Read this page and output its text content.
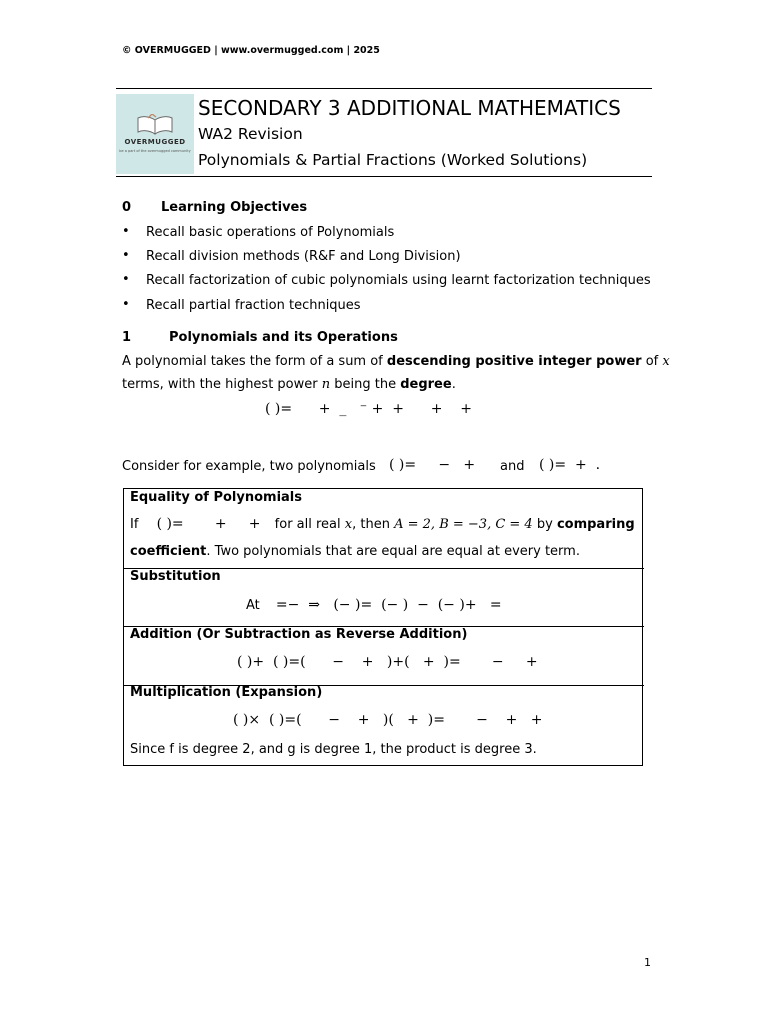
© OVERMUGGED | www.overmugged.com | 2025
OVERMUGGED
be a part of the overmugged community
SECONDARY 3 ADDITIONAL MATHEMATICS
WA2 Revision
Polynomials & Partial Fractions (Worked Solutions)
0 Learning Objectives
• Recall basic operations of Polynomials
• Recall division methods (R&F and Long Division)
• Recall factorization of cubic polynomials using learnt factorization techniques
• Recall partial fraction techniques
1	Polynomials and its Operations
A polynomial takes the form of a sum of descending positive integer power of x
terms, with the highest power n being the degree.
( )=      +  _   ⁻ +  +      +    +
Consider for example, two polynomials ( )=     −   + and ( )=  +  .
Equality of Polynomials
If ( )=       +     + for all real x, then A = 2, B = −3, C = 4 by comparing
coefficient. Two polynomials that are equal are equal at every term.
Substitution
At =−  ⇒   (− )=  (− )  −  (− )+   =
Addition (Or Subtraction as Reverse Addition)
( )+  ( )=(      −    +   )+(   +  )=       −     +
Multiplication (Expansion)
( )×  ( )=(      −    +   )(   +  )=       −    +   +
Since f is degree 2, and g is degree 1, the product is degree 3.
1
